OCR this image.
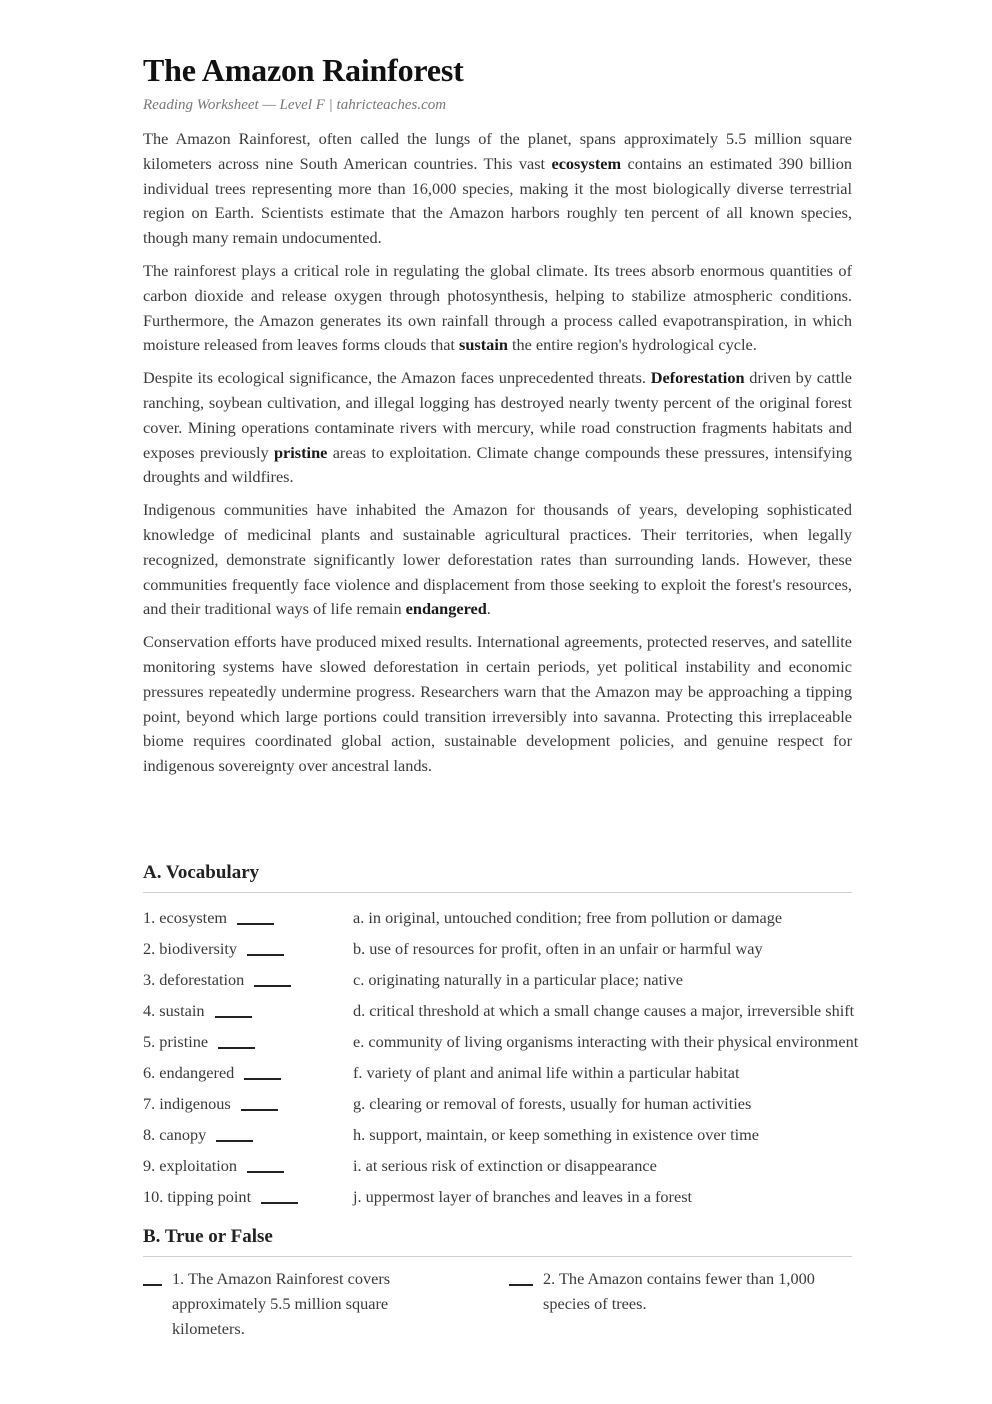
The Amazon Rainforest
Reading Worksheet — Level F | tahricteaches.com

The Amazon Rainforest, often called the lungs of the planet, spans approximately 5.5 million square kilometers across nine South American countries. This vast ecosystem contains an estimated 390 billion individual trees representing more than 16,000 species, making it the most biologically diverse terrestrial region on Earth. Scientists estimate that the Amazon harbors roughly ten percent of all known species, though many remain undocumented.

The rainforest plays a critical role in regulating the global climate. Its trees absorb enormous quantities of carbon dioxide and release oxygen through photosynthesis, helping to stabilize atmospheric conditions. Furthermore, the Amazon generates its own rainfall through a process called evapotranspiration, in which moisture released from leaves forms clouds that sustain the entire region's hydrological cycle.

Despite its ecological significance, the Amazon faces unprecedented threats. Deforestation driven by cattle ranching, soybean cultivation, and illegal logging has destroyed nearly twenty percent of the original forest cover. Mining operations contaminate rivers with mercury, while road construction fragments habitats and exposes previously pristine areas to exploitation. Climate change compounds these pressures, intensifying droughts and wildfires.

Indigenous communities have inhabited the Amazon for thousands of years, developing sophisticated knowledge of medicinal plants and sustainable agricultural practices. Their territories, when legally recognized, demonstrate significantly lower deforestation rates than surrounding lands. However, these communities frequently face violence and displacement from those seeking to exploit the forest's resources, and their traditional ways of life remain endangered.

Conservation efforts have produced mixed results. International agreements, protected reserves, and satellite monitoring systems have slowed deforestation in certain periods, yet political instability and economic pressures repeatedly undermine progress. Researchers warn that the Amazon may be approaching a tipping point, beyond which large portions could transition irreversibly into savanna. Protecting this irreplaceable biome requires coordinated global action, sustainable development policies, and genuine respect for indigenous sovereignty over ancestral lands.

A. Vocabulary
1. ecosystem	a. in original, untouched condition; free from pollution or damage
2. biodiversity	b. use of resources for profit, often in an unfair or harmful way
3. deforestation	c. originating naturally in a particular place; native
4. sustain	d. critical threshold at which a small change causes a major, irreversible shift
5. pristine	e. community of living organisms interacting with their physical environment
6. endangered	f. variety of plant and animal life within a particular habitat
7. indigenous	g. clearing or removal of forests, usually for human activities
8. canopy	h. support, maintain, or keep something in existence over time
9. exploitation	i. at serious risk of extinction or disappearance
10. tipping point	j. uppermost layer of branches and leaves in a forest
B. True or False
1. The Amazon Rainforest covers approximately 5.5 million square kilometers.
2. The Amazon contains fewer than 1,000 species of trees.
